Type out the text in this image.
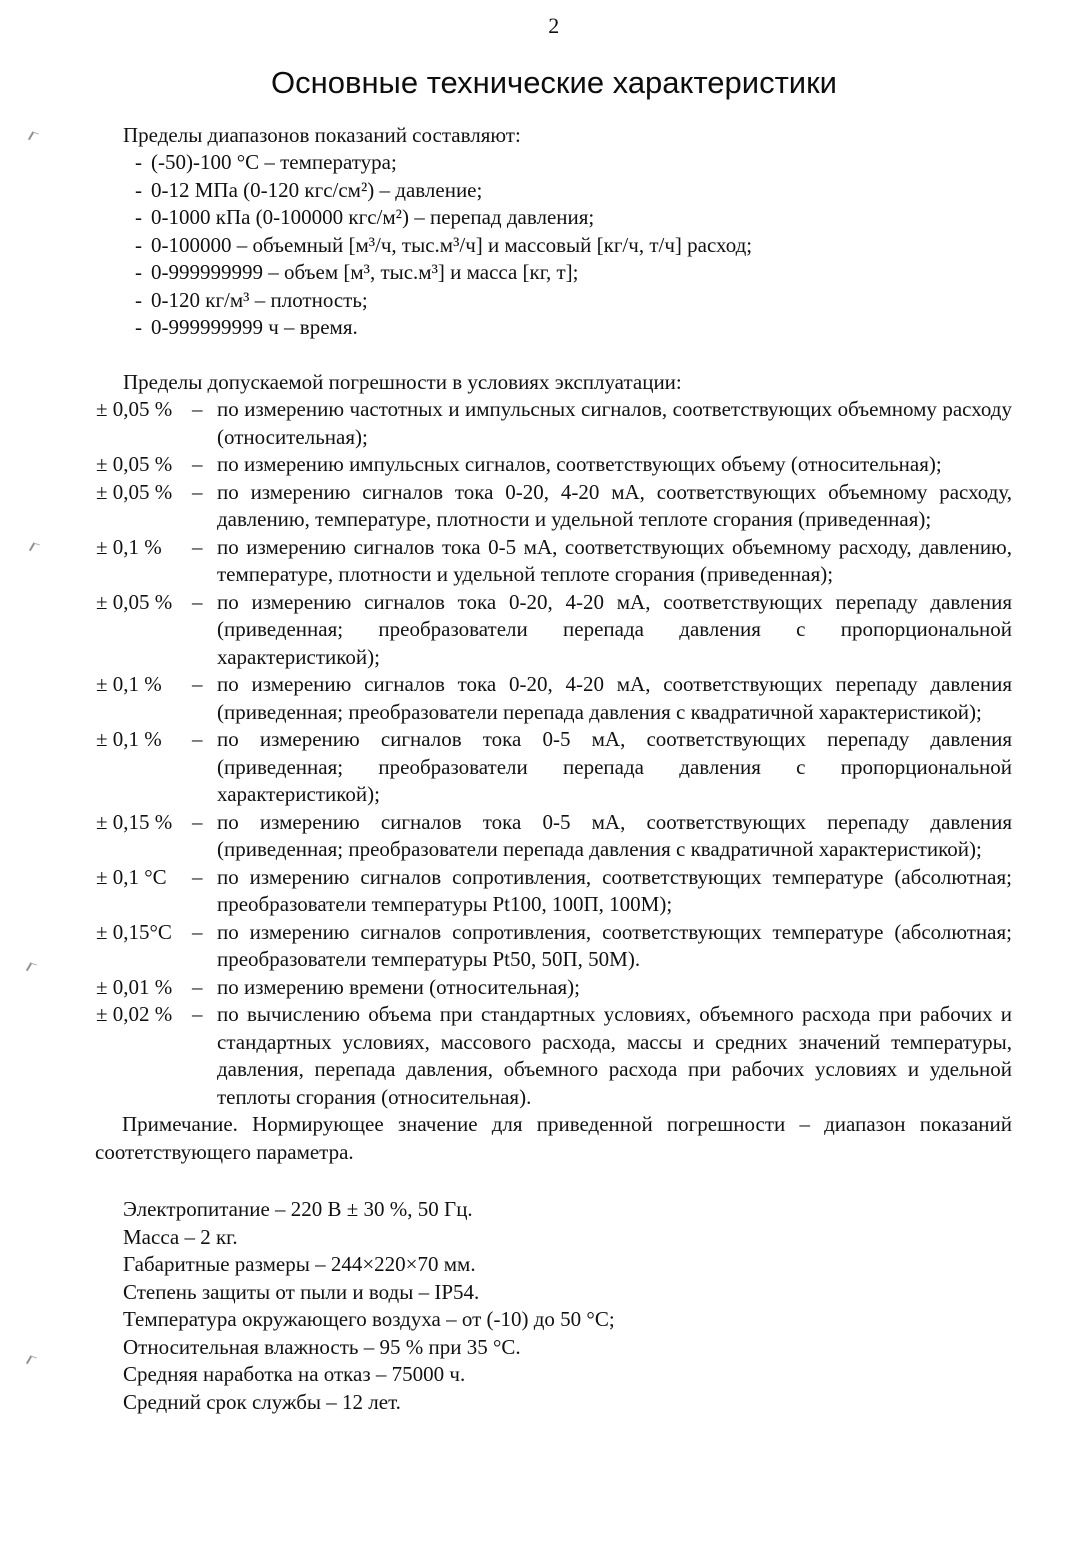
2
Основные технические характеристики

Пределы диапазонов показаний составляют:

- (-50)-100 °С – температура;
- 0-12 МПа (0-120 кгс/см²) – давление;
- 0-1000 кПа (0-100000 кгс/м²) – перепад давления;
- 0-100000 – объемный [м³/ч, тыс.м³/ч] и массовый [кг/ч, т/ч] расход;
- 0-999999999 – объем [м³, тыс.м³] и масса [кг, т];
- 0-120 кг/м³ – плотность;
- 0-999999999 ч – время.

Пределы допускаемой погрешности в условиях эксплуатации:

± 0,05 % – по измерению частотных и импульсных сигналов, соответствующих объемному расходу (относительная);
± 0,05 % – по измерению импульсных сигналов, соответствующих объему (относительная);
± 0,05 % – по измерению сигналов тока 0-20, 4-20 мА, соответствующих объемному расходу, давлению, температуре, плотности и удельной теплоте сгорания (приведенная);
± 0,1 %	– по измерению сигналов тока 0-5 мА, соответствующих объемному расходу, давлению, температуре, плотности и удельной теплоте сгорания (приведенная);
± 0,05 % – по измерению сигналов тока 0-20, 4-20 мА, соответствующих перепаду давления (приведенная; преобразователи перепада давления с пропорциональной характеристикой);
± 0,1 %	– по измерению сигналов тока 0-20, 4-20 мА, соответствующих перепаду давления (приведенная; преобразователи перепада давления с квадратичной характеристикой);
± 0,1 %	– по измерению сигналов тока 0-5 мА, соответствующих перепаду давления (приведенная; преобразователи перепада давления с пропорциональной характеристикой);
± 0,15 % – по измерению сигналов тока 0-5 мА, соответствующих перепаду давления (приведенная; преобразователи перепада давления с квадратичной характеристикой);
± 0,1 °С	– по измерению сигналов сопротивления, соответствующих температуре (абсолютная; преобразователи температуры Pt100, 100П, 100М);
± 0,15°С – по измерению сигналов сопротивления, соответствующих температуре (абсолютная; преобразователи температуры Pt50, 50П, 50М).
± 0,01 % – по измерению времени (относительная);
± 0,02 % – по вычислению объема при стандартных условиях, объемного расхода при рабочих и стандартных условиях, массового расхода, массы и средних значений температуры, давления, перепада давления, объемного расхода при рабочих условиях и удельной теплоты сгорания (относительная).

Примечание. Нормирующее значение для приведенной погрешности – диапазон показаний соотетствующего параметра.

Электропитание – 220 В ± 30 %, 50 Гц.

Масса – 2 кг.

Габаритные размеры – 244×220×70 мм.

Степень защиты от пыли и воды – IP54.

Температура окружающего воздуха – от (-10) до 50 °С;

Относительная влажность – 95 % при 35 °С.

Средняя наработка на отказ – 75000 ч.

Средний срок службы – 12 лет.
